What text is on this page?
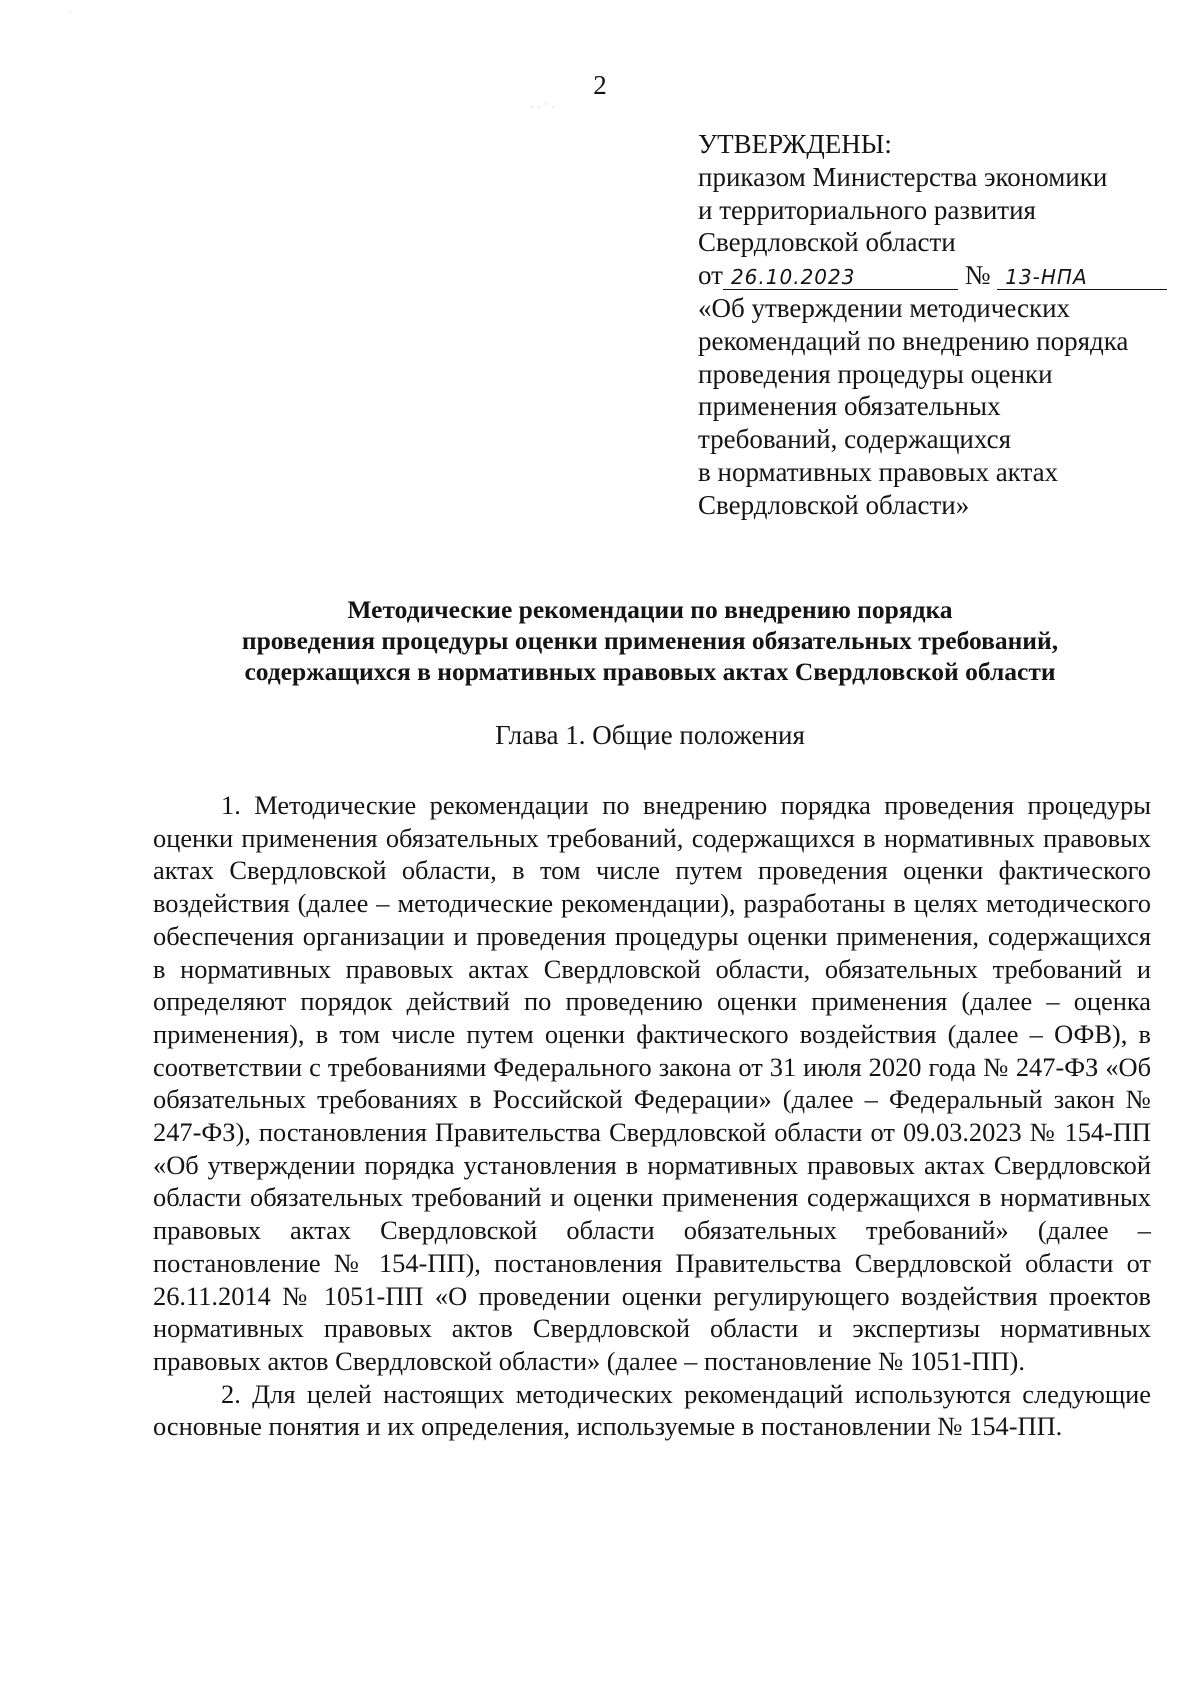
ˈ
· · ˙ ·
2
УТВЕРЖДЕНЫ:
приказом Министерства экономики
и территориального развития
Свердловской области
от 26.10.2023	№ 13-НПА
«Об утверждении методических
рекомендаций по внедрению порядка
проведения процедуры оценки
применения обязательных
требований, содержащихся
в нормативных правовых актах
Свердловской области»
Методические рекомендации по внедрению порядка
проведения процедуры оценки применения обязательных требований,
содержащихся в нормативных правовых актах Свердловской области
Глава 1. Общие положения

1. Методические рекомендации по внедрению порядка проведения процедуры оценки применения обязательных требований, содержащихся в нормативных правовых актах Свердловской области, в том числе путем проведения оценки фактического воздействия (далее – методические рекомендации), разработаны в целях методического обеспечения организации и проведения процедуры оценки применения, содержащихся в нормативных правовых актах Свердловской области, обязательных требований и определяют порядок действий по проведению оценки применения (далее – оценка применения), в том числе путем оценки фактического воздействия (далее – ОФВ), в соответствии с требованиями Федерального закона от 31 июля 2020 года № 247-ФЗ «Об обязательных требованиях в Российской Федерации» (далее – Федеральный закон № 247-ФЗ), постановления Правительства Свердловской области от 09.03.2023 № 154-ПП «Об утверждении порядка установления в нормативных правовых актах Свердловской области обязательных требований и оценки применения содержащихся в нормативных правовых актах Свердловской области обязательных требований» (далее – постановление № 154-ПП), постановления Правительства Свердловской области от 26.11.2014 № 1051-ПП «О проведении оценки регулирующего воздействия проектов нормативных правовых актов Свердловской области и экспертизы нормативных правовых актов Свердловской области» (далее – постановление № 1051-ПП).

2. Для целей настоящих методических рекомендаций используются следующие основные понятия и их определения, используемые в постановлении № 154-ПП.
